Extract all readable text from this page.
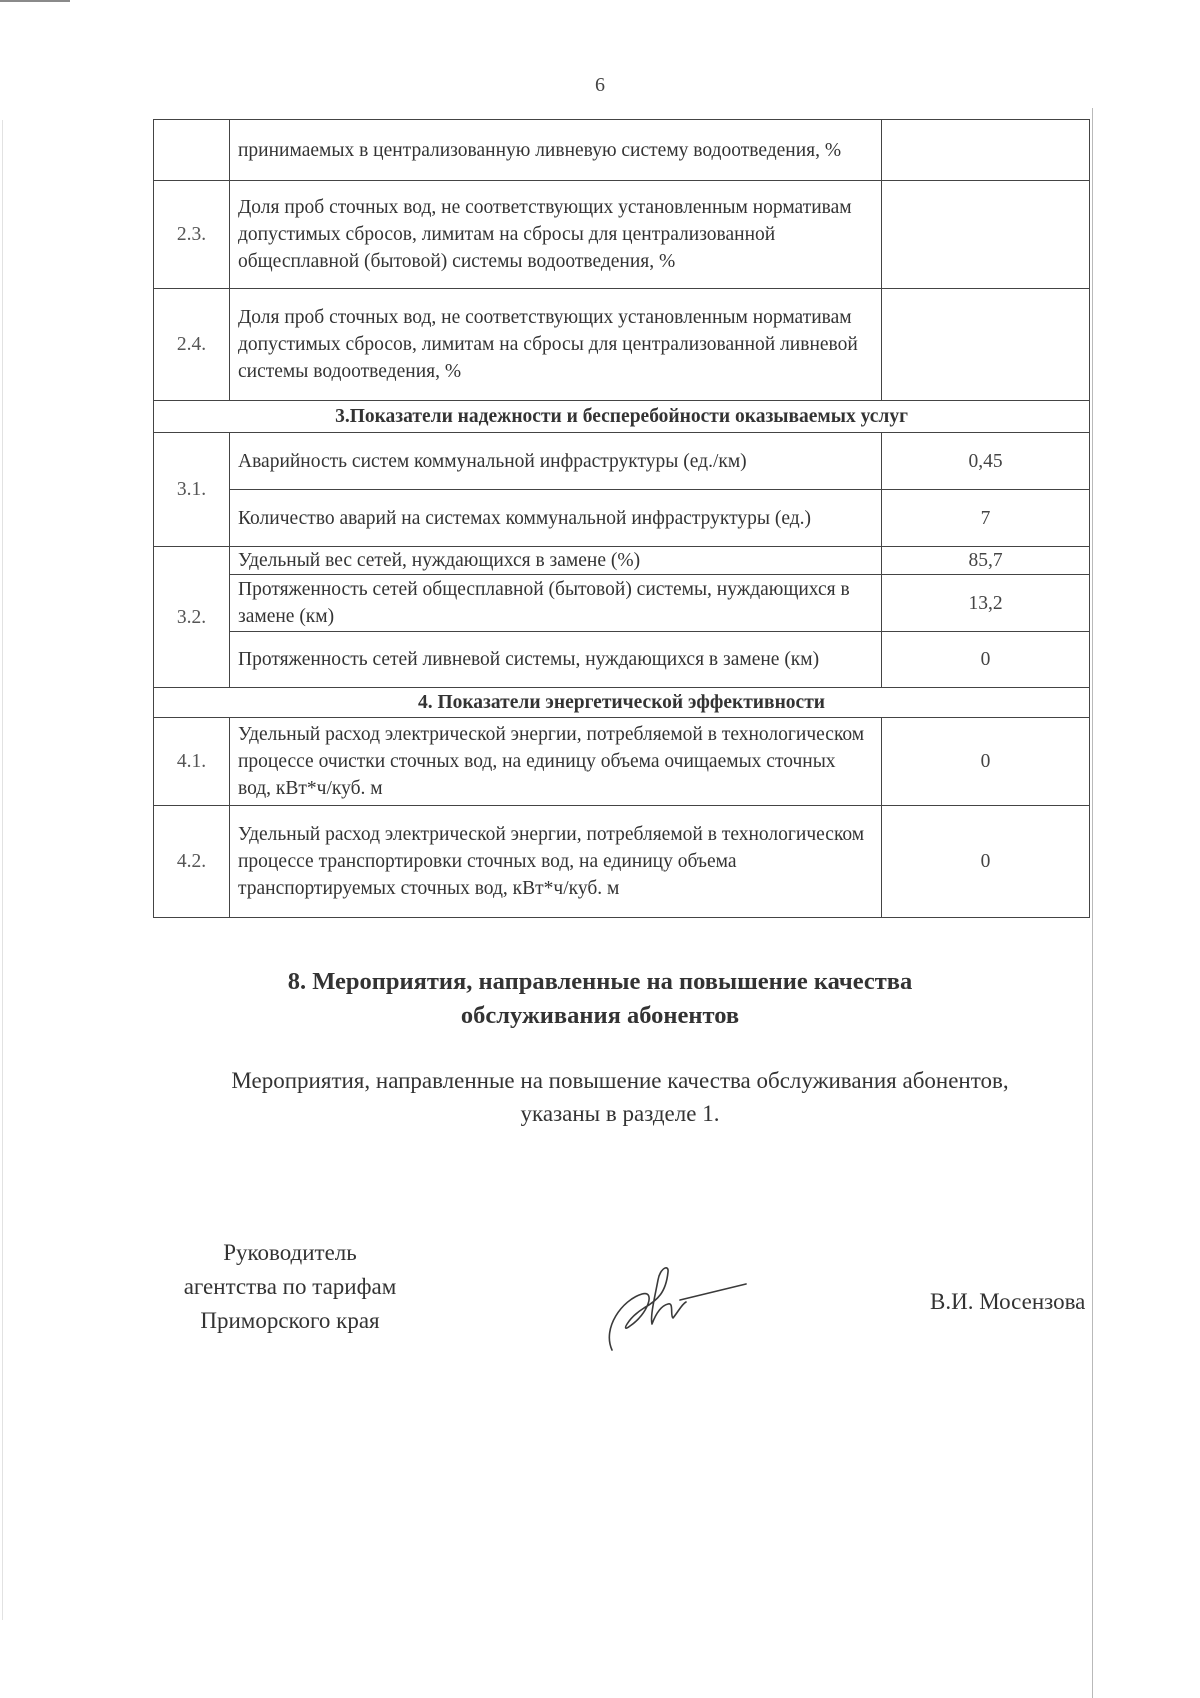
6
	принимаемых в централизованную ливневую систему водоотведения, %	
2.3.	Доля проб сточных вод, не соответствующих установленным нормативам допустимых сбросов, лимитам на сбросы для централизованной общесплавной (бытовой) системы водоотведения, %	
2.4.	Доля проб сточных вод, не соответствующих установленным нормативам допустимых сбросов, лимитам на сбросы для централизованной ливневой системы водоотведения, %	
3.Показатели надежности и бесперебойности оказываемых услуг		
3.1.	Аварийность систем коммунальной инфраструктуры (ед./км)	0,45
	Количество аварий на системах коммунальной инфраструктуры (ед.)	7
3.2.	Удельный вес сетей, нуждающихся в замене (%)	85,7
	Протяженность сетей общесплавной (бытовой) системы, нуждающихся в замене (км)	13,2
	Протяженность сетей ливневой системы, нуждающихся в замене (км)	0
4. Показатели энергетической эффективности		
4.1.	Удельный расход электрической энергии, потребляемой в технологическом процессе очистки сточных вод, на единицу объема очищаемых сточных вод, кВт*ч/куб. м	0
4.2.	Удельный расход электрической энергии, потребляемой в технологическом процессе транспортировки сточных вод, на единицу объема транспортируемых сточных вод, кВт*ч/куб. м	0
8. Мероприятия, направленные на повышение качества
обслуживания абонентов
Мероприятия, направленные на повышение качества обслуживания абонентов,
указаны в разделе 1.
Руководитель
агентства по тарифам
Приморского края
В.И. Мосензова
